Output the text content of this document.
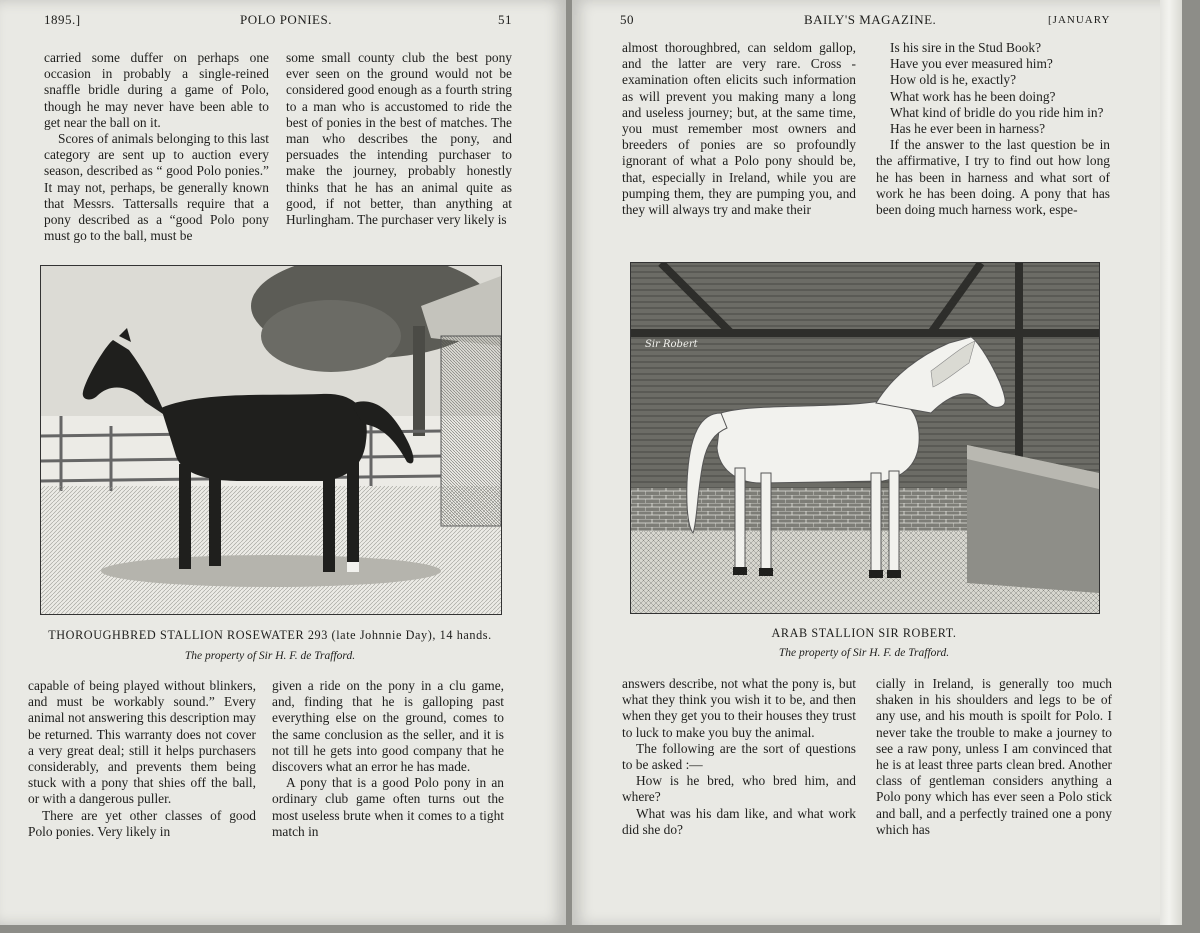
1895.]	POLO PONIES.	51

carried some duffer on perhaps one occasion in probably a single-reined snaffle bridle during a game of Polo, though he may never have been able to get near the ball on it.

Scores of animals belonging to this last category are sent up to auction every season, described as “ good Polo ponies.” It may not, perhaps, be generally known that Messrs. Tattersalls require that a pony described as a “good Polo pony must go to the ball, must be

some small county club the best pony ever seen on the ground would not be considered good enough as a fourth string to a man who is accustomed to ride the best of ponies in the best of matches. The man who describes the pony, and persuades the intending purchaser to make the journey, probably honestly thinks that he has an animal quite as good, if not better, than anything at Hurlingham. The purchaser very likely is

THOROUGHBRED STALLION ROSEWATER 293 (late Johnnie Day), 14 hands.

The property of Sir H. F. de Trafford.

capable of being played without blinkers, and must be workably sound.” Every animal not answering this description may be returned. This warranty does not cover a very great deal; still it helps purchasers considerably, and prevents them being stuck with a pony that shies off the ball, or with a dangerous puller.

There are yet other classes of good Polo ponies. Very likely in

given a ride on the pony in a clu game, and, finding that he is galloping past everything else on the ground, comes to the same conclusion as the seller, and it is not till he gets into good company that he discovers what an error he has made.

A pony that is a good Polo pony in an ordinary club game often turns out the most useless brute when it comes to a tight match in

50	BAILY'S MAGAZINE.	[JANUARY

almost thoroughbred, can seldom gallop, and the latter are very rare. Cross - examination often elicits such information as will prevent you making many a long and useless journey; but, at the same time, you must remember most owners and breeders of ponies are so profoundly ignorant of what a Polo pony should be, that, especially in Ireland, while you are pumping them, they are pumping you, and they will always try and make their

Is his sire in the Stud Book?

Have you ever measured him?

How old is he, exactly?

What work has he been doing?

What kind of bridle do you ride him in?

Has he ever been in harness?

If the answer to the last question be in the affirmative, I try to find out how long he has been in harness and what sort of work he has been doing. A pony that has been doing much harness work, espe-

Sir Robert

ARAB STALLION SIR ROBERT.

The property of Sir H. F. de Trafford.

answers describe, not what the pony is, but what they think you wish it to be, and then when they get you to their houses they trust to luck to make you buy the animal.

The following are the sort of questions to be asked :—

How is he bred, who bred him, and where?

What was his dam like, and what work did she do?

cially in Ireland, is generally too much shaken in his shoulders and legs to be of any use, and his mouth is spoilt for Polo. I never take the trouble to make a journey to see a raw pony, unless I am convinced that he is at least three parts clean bred. Another class of gentleman considers anything a Polo pony which has ever seen a Polo stick and ball, and a perfectly trained one a pony which has
